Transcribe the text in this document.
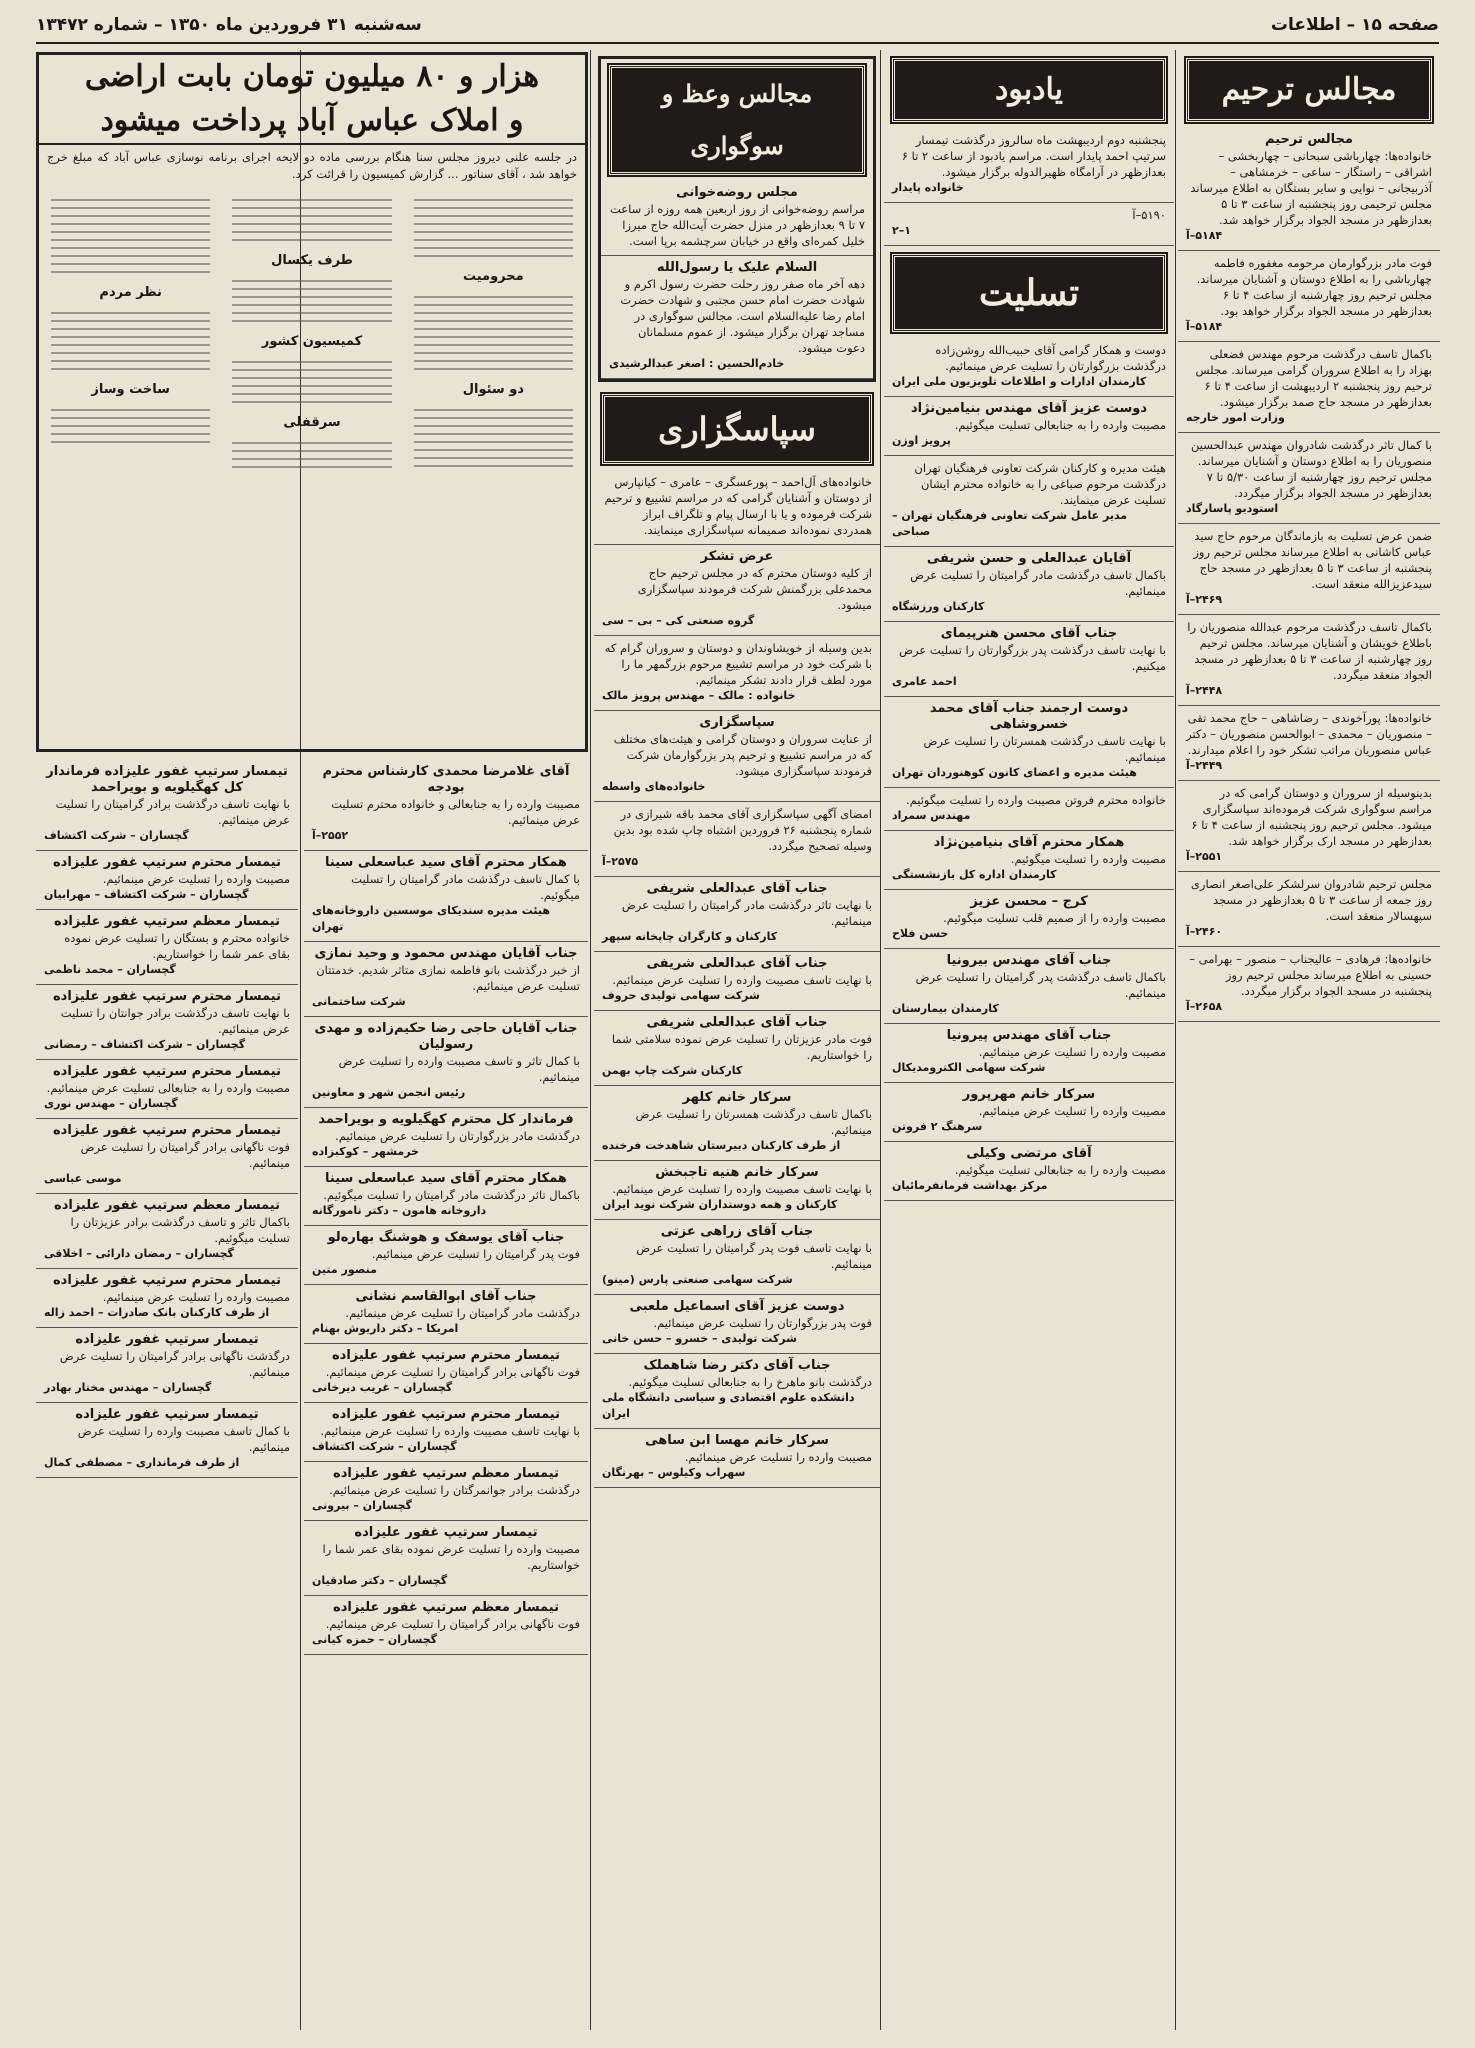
صفحه ۱۵ – اطلاعات
سه‌شنبه ۳۱ فروردین ماه ۱۳۵۰ – شماره ۱۳۴۷۲
مجالس ترحیم
مجالس ترحیم
خانواده‌ها: چهارباشی سبحانی – چهاربخشی – اشراقی – راستگار – ساعی – خرمشاهی – آذربیجانی – نوایی و سایر بستگان به اطلاع میرساند مجلس ترحیمی روز پنجشنبه از ساعت ۳ تا ۵ بعدازظهر در مسجد الجواد برگزار خواهد شد.
۵۱۸۴–آ
فوت مادر بزرگوارمان مرحومه مغفوره فاطمه چهارباشی را به اطلاع دوستان و آشنایان میرساند. مجلس ترحیم روز چهارشنبه از ساعت ۴ تا ۶ بعدازظهر در مسجد الجواد برگزار خواهد بود.
۵۱۸۴–آ
باکمال تاسف درگذشت مرحوم مهندس فضعلی بهزاد را به اطلاع سروران گرامی میرساند. مجلس ترحیم روز پنجشنبه ۲ اردیبهشت از ساعت ۴ تا ۶ بعدازظهر در مسجد حاج صمد برگزار میشود.
وزارت امور خارجه
با کمال تاثر درگذشت شادروان مهندس عبدالحسین منصوریان را به اطلاع دوستان و آشنایان میرساند. مجلس ترحیم روز چهارشنبه از ساعت ۵/۳۰ تا ۷ بعدازظهر در مسجد الجواد برگزار میگردد.
استودیو پاسارگاد
ضمن عرض تسلیت به بازماندگان مرحوم حاج سید عباس کاشانی به اطلاع میرساند مجلس ترحیم روز پنجشنبه از ساعت ۳ تا ۵ بعدازظهر در مسجد حاج سیدعزیزالله منعقد است.
۲۴۶۹–آ
باکمال تاسف درگذشت مرحوم عبدالله منصوریان را باطلاع خویشان و آشنایان میرساند. مجلس ترحیم روز چهارشنبه از ساعت ۳ تا ۵ بعدازظهر در مسجد الجواد منعقد میگردد.
۲۴۴۸–آ
خانواده‌ها: پورآخوندی – رضاشاهی – حاج محمد تقی – منصوریان – محمدی – ابوالحسن منصوریان – دکتر عباس منصوریان مراتب تشکر خود را اعلام میدارند.
۲۴۴۹–آ
بدینوسیله از سروران و دوستان گرامی که در مراسم سوگواری شرکت فرموده‌اند سپاسگزاری میشود. مجلس ترحیم روز پنجشنبه از ساعت ۴ تا ۶ بعدازظهر در مسجد ارک برگزار خواهد شد.
۲۵۵۱–آ
مجلس ترحیم شادروان سرلشکر علی‌اصغر انصاری روز جمعه از ساعت ۳ تا ۵ بعدازظهر در مسجد سپهسالار منعقد است.
۲۴۶۰–آ
خانواده‌ها: فرهادی – عالیجناب – منصور – بهرامی – حسینی به اطلاع میرساند مجلس ترحیم روز پنجشنبه در مسجد الجواد برگزار میگردد.
۲۶۵۸–آ
یادبود
پنجشنبه دوم اردیبهشت ماه سالروز درگذشت تیمسار سرتیپ احمد پایدار است. مراسم یادبود از ساعت ۲ تا ۶ بعدازظهر در آرامگاه ظهیرالدوله برگزار میشود.
خانواده پایدار
۵۱۹۰–آ
۱–۲
تسلیت
دوست و همکار گرامی آقای حبیب‌الله روشن‌زاده درگذشت بزرگوارتان را تسلیت عرض مینمائیم.
کارمندان ادارات و اطلاعات تلویزیون ملی ایران
دوست عزیز آقای مهندس بنیامین‌نژاد
مصیبت وارده را به جنابعالی تسلیت میگوئیم.
پرویز اوزن
هیئت مدیره و کارکنان شرکت تعاونی فرهنگیان تهران درگذشت مرحوم صباغی را به خانواده محترم ایشان تسلیت عرض مینمایند.
مدیر عامل شرکت تعاونی فرهنگیان تهران – صباحی
آقایان عبدالعلی و حسن شریفی
باکمال تاسف درگذشت مادر گرامیتان را تسلیت عرض مینمائیم.
کارکنان ورزشگاه
جناب آقای محسن هنرپیمای
با نهایت تاسف درگذشت پدر بزرگوارتان را تسلیت عرض میکنیم.
احمد عامری
دوست ارجمند جناب آقای محمد خسروشاهی
با نهایت تاسف درگذشت همسرتان را تسلیت عرض مینمائیم.
هیئت مدیره و اعضای کانون کوهنوردان تهران
خانواده محترم فروتن مصیبت وارده را تسلیت میگوئیم.
مهندس سمراد
همکار محترم آقای بنیامین‌نژاد
مصیبت وارده را تسلیت میگوئیم.
کارمندان اداره کل بازنشستگی
کرج – محسن عزیز
مصیبت وارده را از صمیم قلب تسلیت میگوئیم.
حسن فلاح
جناب آقای مهندس بیرونیا
باکمال تاسف درگذشت پدر گرامیتان را تسلیت عرض مینمائیم.
کارمندان بیمارستان
جناب آقای مهندس پیرونیا
مصیبت وارده را تسلیت عرض مینمائیم.
شرکت سهامی الکترومدیکال
سرکار خانم مهرپرور
مصیبت وارده را تسلیت عرض مینمائیم.
سرهنگ ۲ فروتن
آقای مرتضی وکیلی
مصیبت وارده را به جنابعالی تسلیت میگوئیم.
مرکز بهداشت فرمانفرمائیان
مجالس وعظ و سوگواری
مجلس روضه‌خوانی
مراسم روضه‌خوانی از روز اربعین همه روزه از ساعت ۷ تا ۹ بعدازظهر در منزل حضرت آیت‌الله حاج میرزا خلیل کمره‌ای واقع در خیابان سرچشمه برپا است.
السلام علیک یا رسول‌الله
دهه آخر ماه صفر روز رحلت حضرت رسول اکرم و شهادت حضرت امام حسن مجتبی و شهادت حضرت امام رضا علیه‌السلام است. مجالس سوگواری در مساجد تهران برگزار میشود. از عموم مسلمانان دعوت میشود.
خادم‌الحسین : اصغر عبدالرشیدی
سپاسگزاری
خانواده‌های آل‌احمد – پورعسگری – عامری – کیانپارس از دوستان و آشنایان گرامی که در مراسم تشییع و ترحیم شرکت فرموده و یا با ارسال پیام و تلگراف ابراز همدردی نموده‌اند صمیمانه سپاسگزاری مینمایند.
عرض تشکر
از کلیه دوستان محترم که در مجلس ترحیم حاج محمدعلی بزرگمنش شرکت فرمودند سپاسگزاری میشود.
گروه صنعتی کی – بی – سی
بدین وسیله از خویشاوندان و دوستان و سروران گرام که با شرکت خود در مراسم تشییع مرحوم بزرگمهر ما را مورد لطف قرار دادند تشکر مینمائیم.
خانواده : مالک – مهندس پرویز مالک
سپاسگزاری
از عنایت سروران و دوستان گرامی و هیئت‌های مختلف که در مراسم تشییع و ترحیم پدر بزرگوارمان شرکت فرمودند سپاسگزاری میشود.
خانواده‌های واسطه
امضای آگهی سپاسگزاری آقای محمد باقه شیرازی در شماره پنجشنبه ۲۶ فروردین اشتباه چاپ شده بود بدین وسیله تصحیح میگردد.
۲۵۷۵–آ
جناب آقای عبدالعلی شریفی
با نهایت تاثر درگذشت مادر گرامیتان را تسلیت عرض مینمائیم.
کارکنان و کارگران چاپخانه سپهر
جناب آقای عبدالعلی شریفی
با نهایت تاسف مصیبت وارده را تسلیت عرض مینمائیم.
شرکت سهامی تولیدی حروف
جناب آقای عبدالعلی شریفی
فوت مادر عزیزتان را تسلیت عرض نموده سلامتی شما را خواستاریم.
کارکنان شرکت چاپ بهمن
سرکار خانم کلهر
باکمال تاسف درگذشت همسرتان را تسلیت عرض مینمائیم.
از طرف کارکنان دبیرستان شاهدخت فرخنده
سرکار خانم هنیه تاجبخش
با نهایت تاسف مصیبت وارده را تسلیت عرض مینمائیم.
کارکنان و همه دوستداران شرکت نوید ایران
جناب آقای زراهی عزتی
با نهایت تاسف فوت پدر گرامیتان را تسلیت عرض مینمائیم.
شرکت سهامی صنعتی پارس (مینو)
دوست عزیز آقای اسماعیل ملعبی
فوت پدر بزرگوارتان را تسلیت عرض مینمائیم.
شرکت تولیدی – خسرو – حسن خانی
جناب آقای دکتر رضا شاهملک
درگذشت بانو ماهرخ را به جنابعالی تسلیت میگوئیم.
دانشکده علوم اقتصادی و سیاسی دانشگاه ملی ایران
سرکار خانم مهسا ابن ساهی
مصیبت وارده را تسلیت عرض مینمائیم.
سهراب وکیلوس – بهرنگان
هزار و ۸۰ میلیون تومان بابت اراضی
و املاک عباس آباد پرداخت میشود
در جلسه علنی دیروز مجلس سنا هنگام بررسی ماده دو لایحه اجرای برنامه نوسازی عباس آباد که مبلغ خرج خواهد شد ، آقای سناتور ... گزارش کمیسیون را قرائت کرد.
محرومیت
دو سئوال
طرف یکسال
کمیسیون کشور
سرقفلی
نظر مردم
ساخت وساز
آقای غلامرضا محمدی کارشناس محترم بودجه
مصیبت وارده را به جنابعالی و خانواده محترم تسلیت عرض مینمائیم.
۲۵۵۲–آ
همکار محترم آقای سید عباسعلی سینا
با کمال تاسف درگذشت مادر گرامیتان را تسلیت میگوئیم.
هیئت مدیره سندیکای موسسین داروخانه‌های تهران
جناب آقایان مهندس محمود و وحید نمازی
از خبر درگذشت بانو فاطمه نمازی متاثر شدیم. خدمتتان تسلیت عرض مینمائیم.
شرکت ساختمانی
جناب آقایان حاجی رضا حکیم‌زاده و مهدی رسولیان
با کمال تاثر و تاسف مصیبت وارده را تسلیت عرض مینمائیم.
رئیس انجمن شهر و معاونین
فرماندار کل محترم کهگیلویه و بویراحمد
درگذشت مادر بزرگوارتان را تسلیت عرض مینمائیم.
خرمشهر – کوکبزاده
همکار محترم آقای سید عباسعلی سینا
باکمال تاثر درگذشت مادر گرامیتان را تسلیت میگوئیم.
داروخانه هامون – دکتر نامورگانه
جناب آقای یوسفک و هوشنگ بهاره‌لو
فوت پدر گرامیتان را تسلیت عرض مینمائیم.
منصور متین
جناب آقای ابوالقاسم نشانی
درگذشت مادر گرامیتان را تسلیت عرض مینمائیم.
امریکا – دکتر داریوش بهنام
تیمسار محترم سرتیپ غفور علیزاده
فوت ناگهانی برادر گرامیتان را تسلیت عرض مینمائیم.
گچساران – غریب دیرخانی
تیمسار محترم سرتیپ غفور علیزاده
با نهایت تاسف مصیبت وارده را تسلیت عرض مینمائیم.
گچساران – شرکت اکتشاف
تیمسار معظم سرتیپ غفور علیزاده
درگذشت برادر جوانمرگتان را تسلیت عرض مینمائیم.
گچساران – بیرونی
تیمسار سرتیپ غفور علیزاده
مصیبت وارده را تسلیت عرض نموده بقای عمر شما را خواستاریم.
گچساران – دکتر صادقیان
تیمسار معظم سرتیپ غفور علیزاده
فوت ناگهانی برادر گرامیتان را تسلیت عرض مینمائیم.
گچساران – حمزه کیانی
تیمسار سرتیپ غفور علیزاده فرماندار کل کهگیلویه و بویراحمد
با نهایت تاسف درگذشت برادر گرامیتان را تسلیت عرض مینمائیم.
گچساران – شرکت اکتشاف
تیمسار محترم سرتیپ غفور علیزاده
مصیبت وارده را تسلیت عرض مینمائیم.
گچساران – شرکت اکتشاف – مهرابیان
تیمسار معظم سرتیپ غفور علیزاده
خانواده محترم و بستگان را تسلیت عرض نموده بقای عمر شما را خواستاریم.
گچساران – محمد ناظمی
تیمسار محترم سرتیپ غفور علیزاده
با نهایت تاسف درگذشت برادر جوانتان را تسلیت عرض مینمائیم.
گچساران – شرکت اکتشاف – رمضانی
تیمسار محترم سرتیپ غفور علیزاده
مصیبت وارده را به جنابعالی تسلیت عرض مینمائیم.
گچساران – مهندس نوری
تیمسار محترم سرتیپ غفور علیزاده
فوت ناگهانی برادر گرامیتان را تسلیت عرض مینمائیم.
موسی عباسی
تیمسار معظم سرتیپ غفور علیزاده
باکمال تاثر و تاسف درگذشت برادر عزیزتان را تسلیت میگوئیم.
گچساران – رمضان دارائی – اخلاقی
تیمسار محترم سرتیپ غفور علیزاده
مصیبت وارده را تسلیت عرض مینمائیم.
از طرف کارکنان بانک صادرات – احمد زاله
تیمسار سرتیپ غفور علیزاده
درگذشت ناگهانی برادر گرامیتان را تسلیت عرض مینمائیم.
گچساران – مهندس مختار بهادر
تیمسار سرتیپ غفور علیزاده
با کمال تاسف مصیبت وارده را تسلیت عرض مینمائیم.
از طرف فرمانداری – مصطفی کمال
